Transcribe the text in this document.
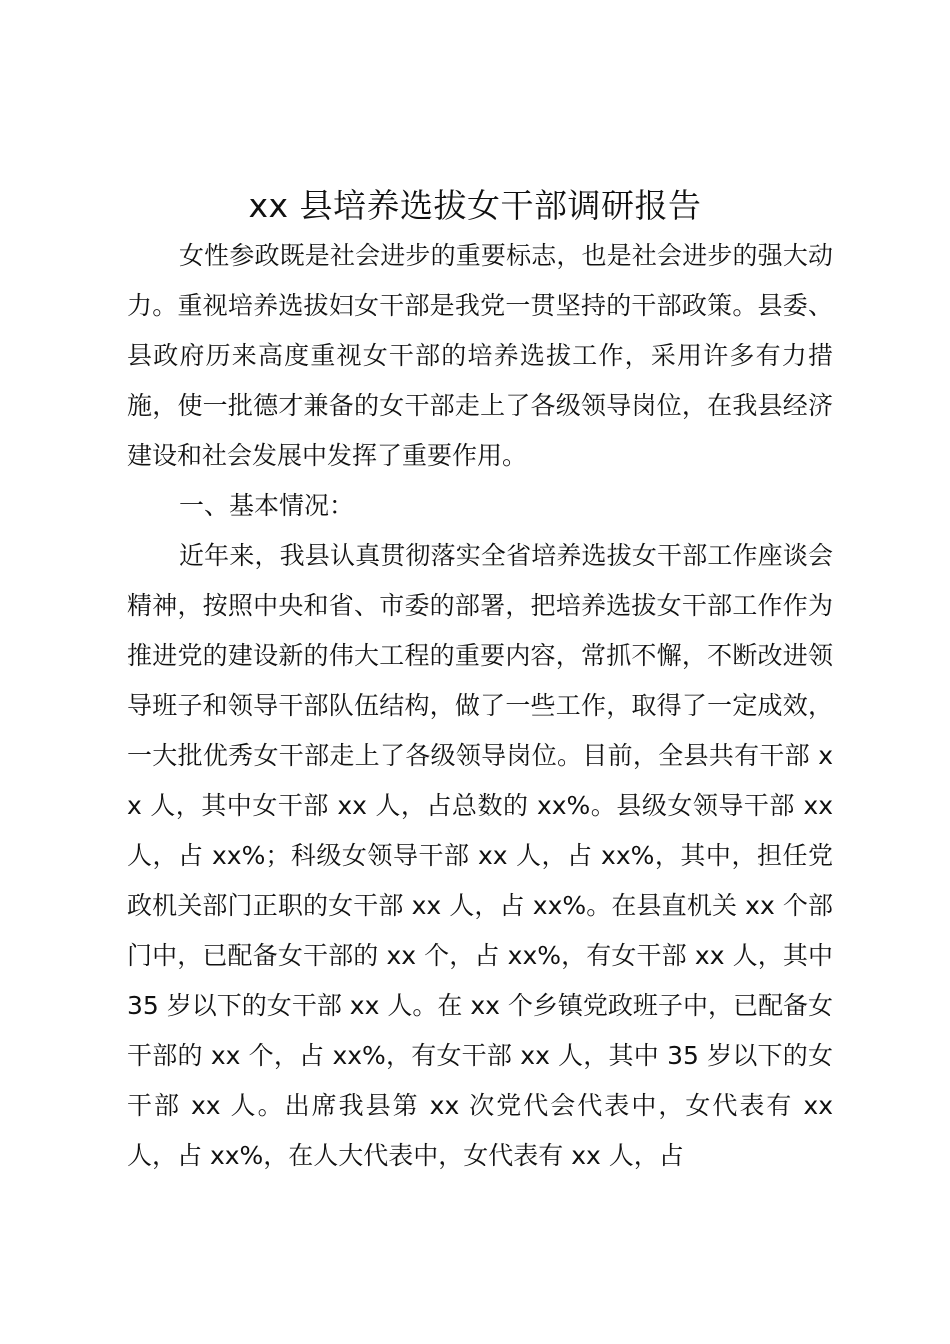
xx 县培养选拔女干部调研报告

女性参政既是社会进步的重要标志，也是社会进步的强大动力。重视培养选拔妇女干部是我党一贯坚持的干部政策。县委、县政府历来高度重视女干部的培养选拔工作，采用许多有力措施，使一批德才兼备的女干部走上了各级领导岗位，在我县经济建设和社会发展中发挥了重要作用。

一、基本情况：

近年来，我县认真贯彻落实全省培养选拔女干部工作座谈会精神，按照中央和省、市委的部署，把培养选拔女干部工作作为推进党的建设新的伟大工程的重要内容，常抓不懈，不断改进领导班子和领导干部队伍结构，做了一些工作，取得了一定成效，一大批优秀女干部走上了各级领导岗位。目前，全县共有干部 xx 人，其中女干部 xx 人，占总数的 xx%。县级女领导干部 xx 人，占 xx%；科级女领导干部 xx 人，占 xx%，其中，担任党政机关部门正职的女干部 xx 人，占 xx%。在县直机关 xx 个部门中，已配备女干部的 xx 个，占 xx%，有女干部 xx 人，其中 35 岁以下的女干部 xx 人。在 xx 个乡镇党政班子中，已配备女干部的 xx 个，占 xx%，有女干部 xx 人，其中 35 岁以下的女干部 xx 人。出席我县第 xx 次党代会代表中，女代表有 xx 人，占 xx%，在人大代表中，女代表有 xx 人，占
